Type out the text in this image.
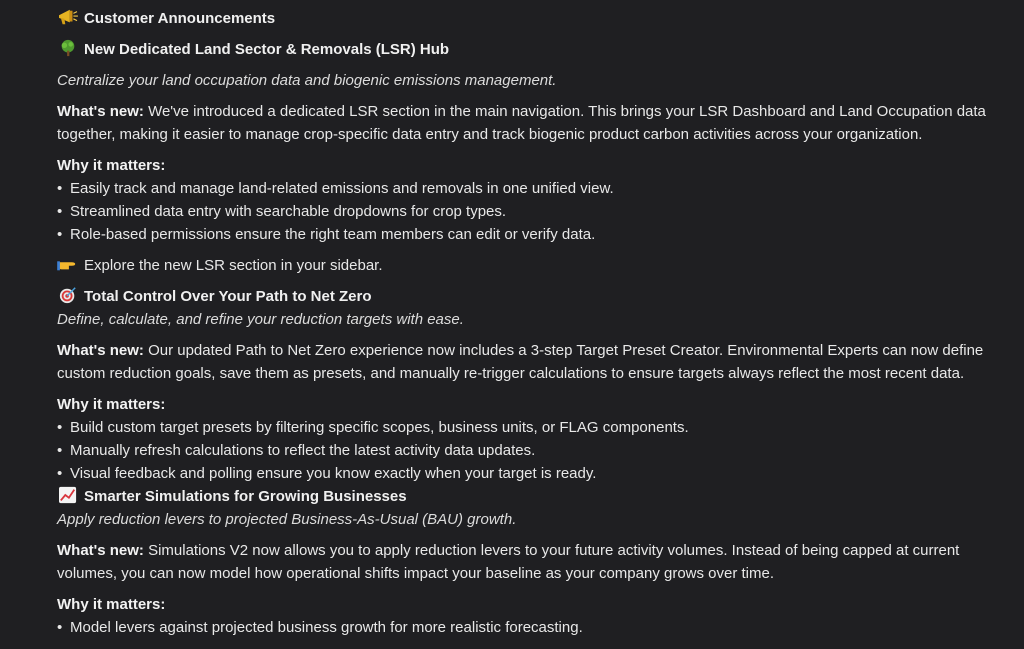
Customer Announcements
New Dedicated Land Sector & Removals (LSR) Hub
Centralize your land occupation data and biogenic emissions management.
What's new: We've introduced a dedicated LSR section in the main navigation. This brings your LSR Dashboard and Land Occupation data together, making it easier to manage crop-specific data entry and track biogenic product carbon activities across your organization.
Why it matters:
• Easily track and manage land-related emissions and removals in one unified view.
• Streamlined data entry with searchable dropdowns for crop types.
• Role-based permissions ensure the right team members can edit or verify data.
Explore the new LSR section in your sidebar.
Total Control Over Your Path to Net Zero
Define, calculate, and refine your reduction targets with ease.
What's new: Our updated Path to Net Zero experience now includes a 3-step Target Preset Creator. Environmental Experts can now define custom reduction goals, save them as presets, and manually re-trigger calculations to ensure targets always reflect the most recent data.
Why it matters:
• Build custom target presets by filtering specific scopes, business units, or FLAG components.
• Manually refresh calculations to reflect the latest activity data updates.
• Visual feedback and polling ensure you know exactly when your target is ready.
Smarter Simulations for Growing Businesses
Apply reduction levers to projected Business-As-Usual (BAU) growth.
What's new: Simulations V2 now allows you to apply reduction levers to your future activity volumes. Instead of being capped at current volumes, you can now model how operational shifts impact your baseline as your company grows over time.
Why it matters:
• Model levers against projected business growth for more realistic forecasting.
